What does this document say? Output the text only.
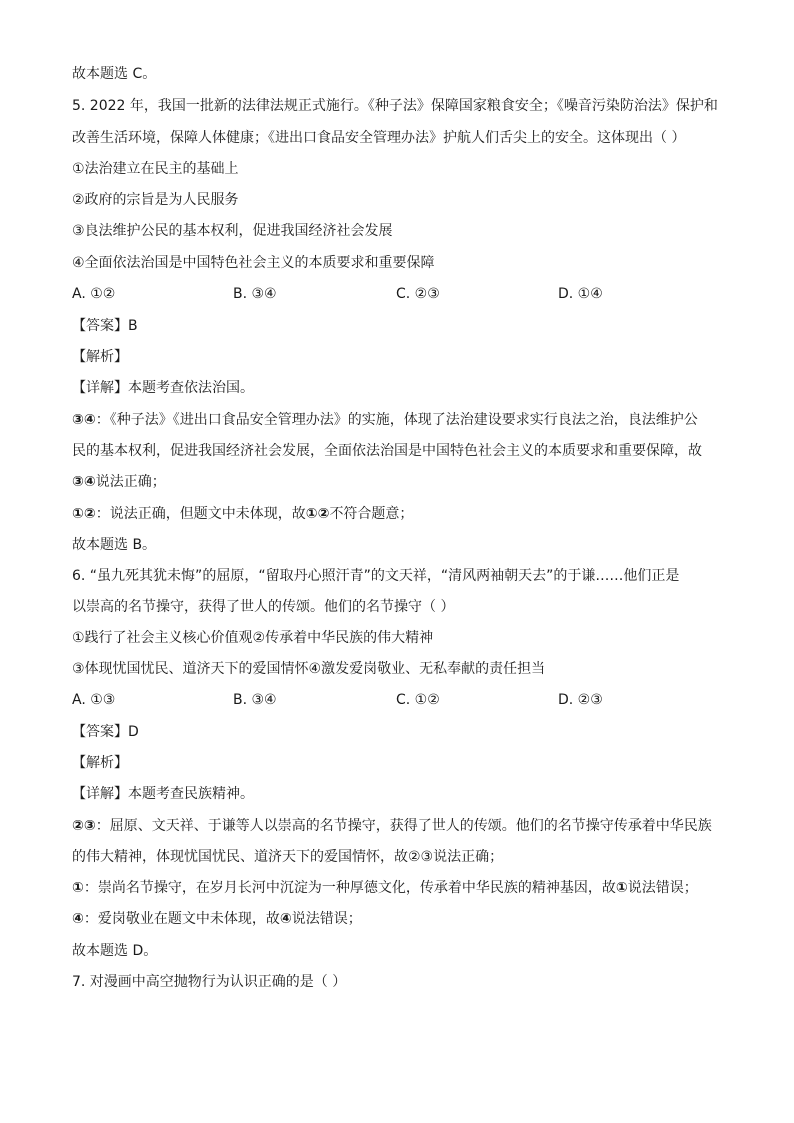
故本题选 C。
5. 2022 年，我国一批新的法律法规正式施行。《种子法》保障国家粮食安全；《噪音污染防治法》保护和
改善生活环境，保障人体健康；《进出口食品安全管理办法》护航人们舌尖上的安全。这体现出（ ）
①法治建立在民主的基础上
②政府的宗旨是为人民服务
③良法维护公民的基本权利，促进我国经济社会发展
④全面依法治国是中国特色社会主义的本质要求和重要保障
A. ①②	B. ③④	C. ②③	D. ①④
【答案】B
【解析】
【详解】本题考查依法治国。
③④：《种子法》《进出口食品安全管理办法》的实施，体现了法治建设要求实行良法之治，良法维护公
民的基本权利，促进我国经济社会发展，全面依法治国是中国特色社会主义的本质要求和重要保障，故
③④说法正确；
①②：说法正确，但题文中未体现，故①②不符合题意；
故本题选 B。
6. “虽九死其犹未悔”的屈原，“留取丹心照汗青”的文天祥，“清风两袖朝天去”的于谦……他们正是
以崇高的名节操守，获得了世人的传颂。他们的名节操守（ ）
①践行了社会主义核心价值观②传承着中华民族的伟大精神
③体现忧国忧民、道济天下的爱国情怀④激发爱岗敬业、无私奉献的责任担当
A. ①③	B. ③④	C. ①②	D. ②③
【答案】D
【解析】
【详解】本题考查民族精神。
②③：屈原、文天祥、于谦等人以崇高的名节操守，获得了世人的传颂。他们的名节操守传承着中华民族
的伟大精神，体现忧国忧民、道济天下的爱国情怀，故②③说法正确；
①：崇尚名节操守，在岁月长河中沉淀为一种厚德文化，传承着中华民族的精神基因，故①说法错误；
④：爱岗敬业在题文中未体现，故④说法错误；
故本题选 D。
7. 对漫画中高空抛物行为认识正确的是（ ）
